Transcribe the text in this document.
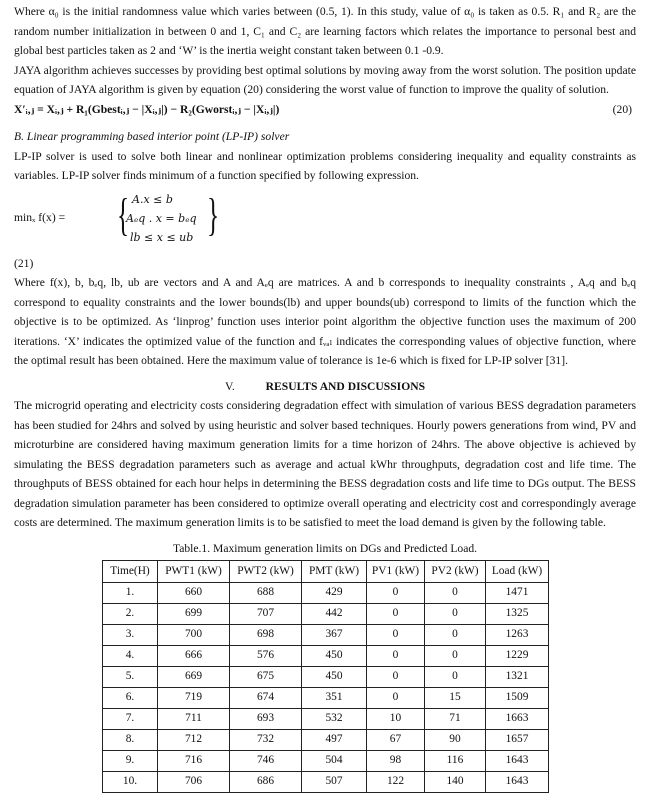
Where α₀ is the initial randomness value which varies between (0.5, 1). In this study, value of α₀ is taken as 0.5. R₁ and R₂ are the random number initialization in between 0 and 1, C₁ and C₂ are learning factors which relates the importance to personal best and global best particles taken as 2 and ‘W’ is the inertia weight constant taken between 0.1 -0.9.

JAYA algorithm achieves successes by providing best optimal solutions by moving away from the worst solution. The position update equation of JAYA algorithm is given by equation (20) considering the worst value of function to improve the quality of solution.

X′ᵢ,ⱼ = Xᵢ,ⱼ + R₁(Gbestᵢ,ⱼ − |Xᵢ,ⱼ|) − R₂(Gworstᵢ,ⱼ − |Xᵢ,ⱼ|)	(20)

B. Linear programming based interior point (LP-IP) solver

LP-IP solver is used to solve both linear and nonlinear optimization problems considering inequality and equality constraints as variables. LP-IP solver finds minimum of a function specified by following expression.

minₓ f(x) = { A.x ≤ b
Aₑq . x = bₑq
lb ≤ x ≤ ub }

(21)

Where f(x), b, bₑq, lb, ub are vectors and A and Aₑq are matrices. A and b corresponds to inequality constraints , Aₑq and bₑq correspond to equality constraints and the lower bounds(lb) and upper bounds(ub) correspond to limits of the function which the objective is to be optimized. As ‘linprog’ function uses interior point algorithm the objective function uses the maximum of 200 iterations. ‘X’ indicates the optimized value of the function and fᵥₐₗ indicates the corresponding values of objective function, where the optimal result has been obtained. Here the maximum value of tolerance is 1e-6 which is fixed for LP-IP solver [31].

V.	RESULTS AND DISCUSSIONS

The microgrid operating and electricity costs considering degradation effect with simulation of various BESS degradation parameters has been studied for 24hrs and solved by using heuristic and solver based techniques. Hourly powers generations from wind, PV and microturbine are considered having maximum generation limits for a time horizon of 24hrs. The above objective is achieved by simulating the BESS degradation parameters such as average and actual kWhr throughputs, degradation cost and life time. The throughputs of BESS obtained for each hour helps in determining the BESS degradation costs and life time to DGs output. The BESS degradation simulation parameter has been considered to optimize overall operating and electricity cost and correspondingly average costs are determined. The maximum generation limits is to be satisfied to meet the load demand is given by the following table.

Table.1. Maximum generation limits on DGs and Predicted Load.
Time(H)	PWT1 (kW)	PWT2 (kW)	PMT (kW)	PV1 (kW)	PV2 (kW)	Load (kW)
1.	660	688	429	0	0	1471
2.	699	707	442	0	0	1325
3.	700	698	367	0	0	1263
4.	666	576	450	0	0	1229
5.	669	675	450	0	0	1321
6.	719	674	351	0	15	1509
7.	711	693	532	10	71	1663
8.	712	732	497	67	90	1657
9.	716	746	504	98	116	1643
10.	706	686	507	122	140	1643
